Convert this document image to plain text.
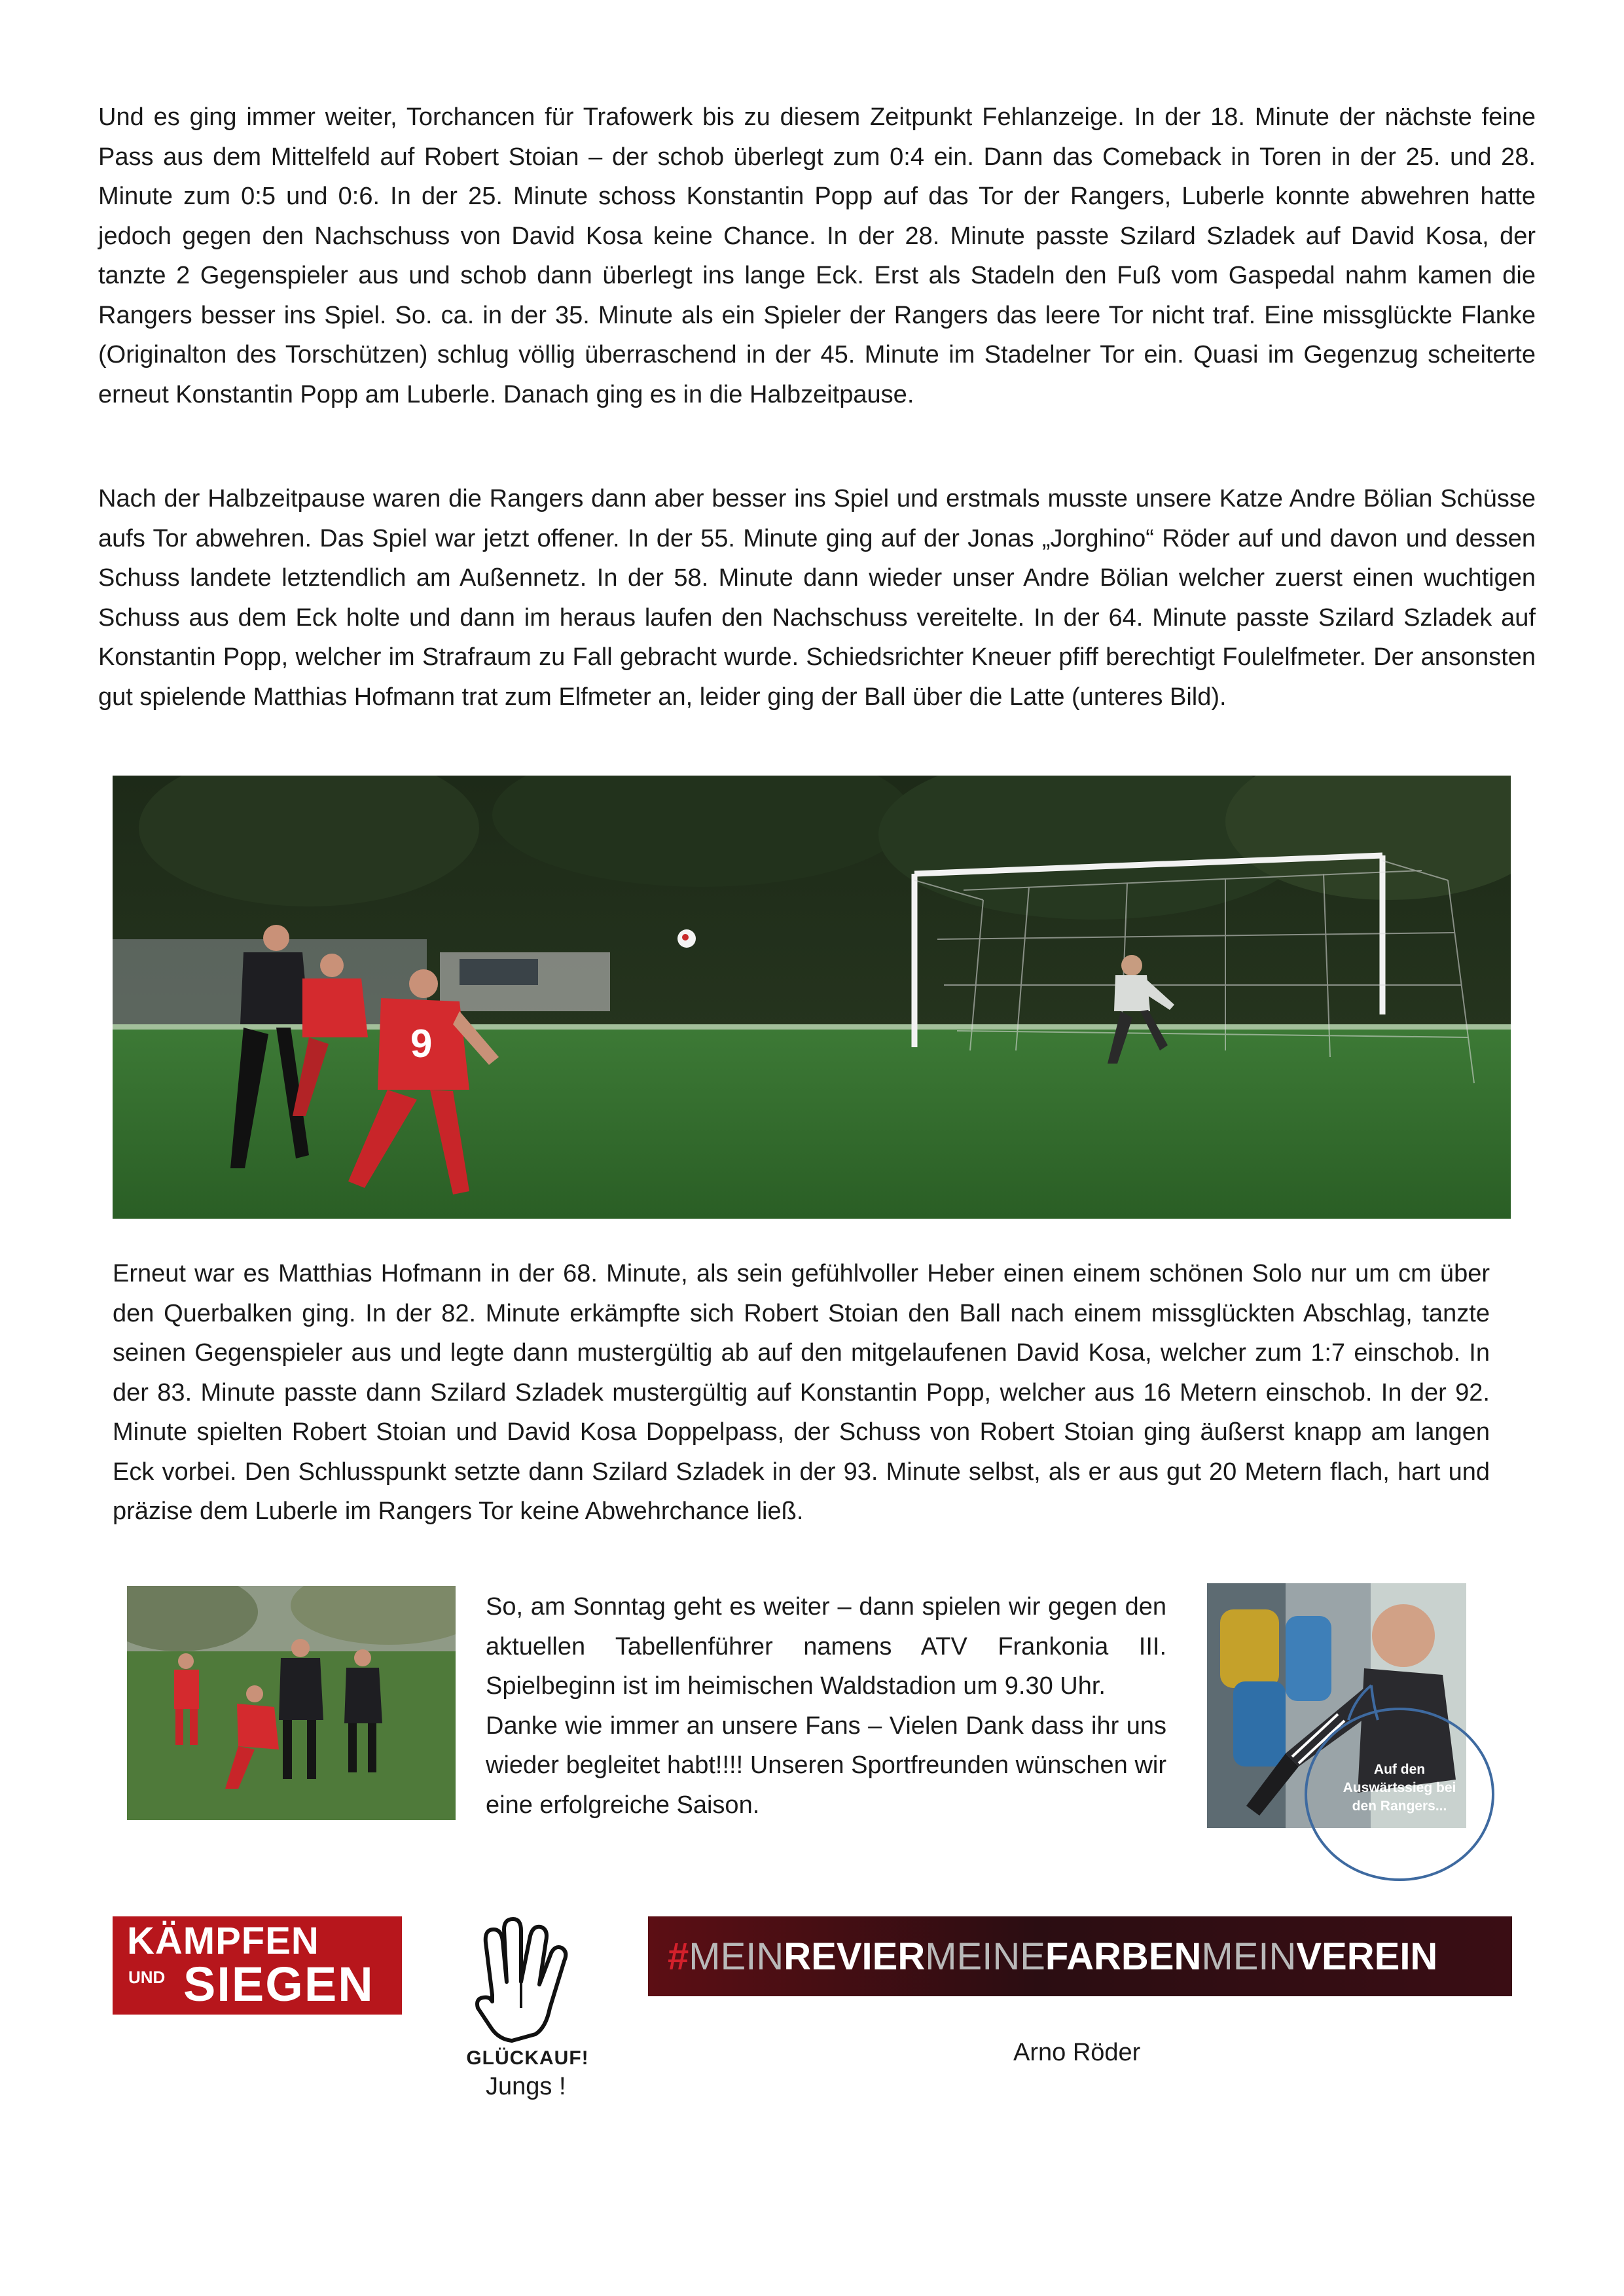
Und es ging immer weiter, Torchancen für Trafowerk bis zu diesem Zeitpunkt Fehlanzeige. In der 18. Minute der nächste feine Pass aus dem Mittelfeld auf Robert Stoian – der schob überlegt zum 0:4 ein. Dann das Comeback in Toren in der 25. und 28. Minute zum 0:5 und 0:6. In der 25. Minute schoss Konstantin Popp auf das Tor der Rangers, Luberle konnte abwehren hatte jedoch gegen den Nachschuss von David Kosa keine Chance. In der 28. Minute passte Szilard Szladek auf David Kosa, der tanzte 2 Gegenspieler aus und schob dann überlegt ins lange Eck. Erst als Stadeln den Fuß vom Gaspedal nahm kamen die Rangers besser ins Spiel. So. ca. in der 35. Minute als ein Spieler der Rangers das leere Tor nicht traf. Eine missglückte Flanke (Originalton des Torschützen) schlug völlig überraschend in der 45. Minute im Stadelner Tor ein. Quasi im Gegenzug scheiterte erneut Konstantin Popp am Luberle. Danach ging es in die Halbzeitpause.

Nach der Halbzeitpause waren die Rangers dann aber besser ins Spiel und erstmals musste unsere Katze Andre Bölian Schüsse aufs Tor abwehren. Das Spiel war jetzt offener. In der 55. Minute ging auf der Jonas „Jorghino“ Röder auf und davon und dessen Schuss landete letztendlich am Außennetz. In der 58. Minute dann wieder unser Andre Bölian welcher zuerst einen wuchtigen Schuss aus dem Eck holte und dann im heraus laufen den Nachschuss vereitelte. In der 64. Minute passte Szilard Szladek auf Konstantin Popp, welcher im Strafraum zu Fall gebracht wurde. Schiedsrichter Kneuer pfiff berechtigt Foulelfmeter. Der ansonsten gut spielende Matthias Hofmann trat zum Elfmeter an, leider ging der Ball über die Latte (unteres Bild).

9

Erneut war es Matthias Hofmann in der 68. Minute, als sein gefühlvoller Heber einen einem schönen Solo nur um cm über den Querbalken ging. In der 82. Minute erkämpfte sich Robert Stoian den Ball nach einem missglückten Abschlag, tanzte seinen Gegenspieler aus und legte dann mustergültig ab auf den mitgelaufenen David Kosa, welcher zum 1:7 einschob. In der 83. Minute passte dann Szilard Szladek mustergültig auf Konstantin Popp, welcher aus 16 Metern einschob. In der 92. Minute spielten Robert Stoian und David Kosa Doppelpass, der Schuss von Robert Stoian ging äußerst knapp am langen Eck vorbei. Den Schlusspunkt setzte dann Szilard Szladek in der 93. Minute selbst, als er aus gut 20 Metern flach, hart und präzise dem Luberle im Rangers Tor keine Abwehrchance ließ.

So, am Sonntag geht es weiter – dann spielen wir gegen den aktuellen Tabellenführer namens ATV Frankonia III. Spielbeginn ist im heimischen Waldstadion um 9.30 Uhr.
Danke wie immer an unsere Fans – Vielen Dank dass ihr uns wieder begleitet habt!!!! Unseren Sportfreunden wünschen wir eine erfolgreiche Saison.

Auf den Auswärtssieg bei den Rangers...
KÄMPFEN
UND SIEGEN
GLÜCKAUF!
Jungs !
# MEIN REVIER MEINE FARBEN MEIN VEREIN
Arno Röder
